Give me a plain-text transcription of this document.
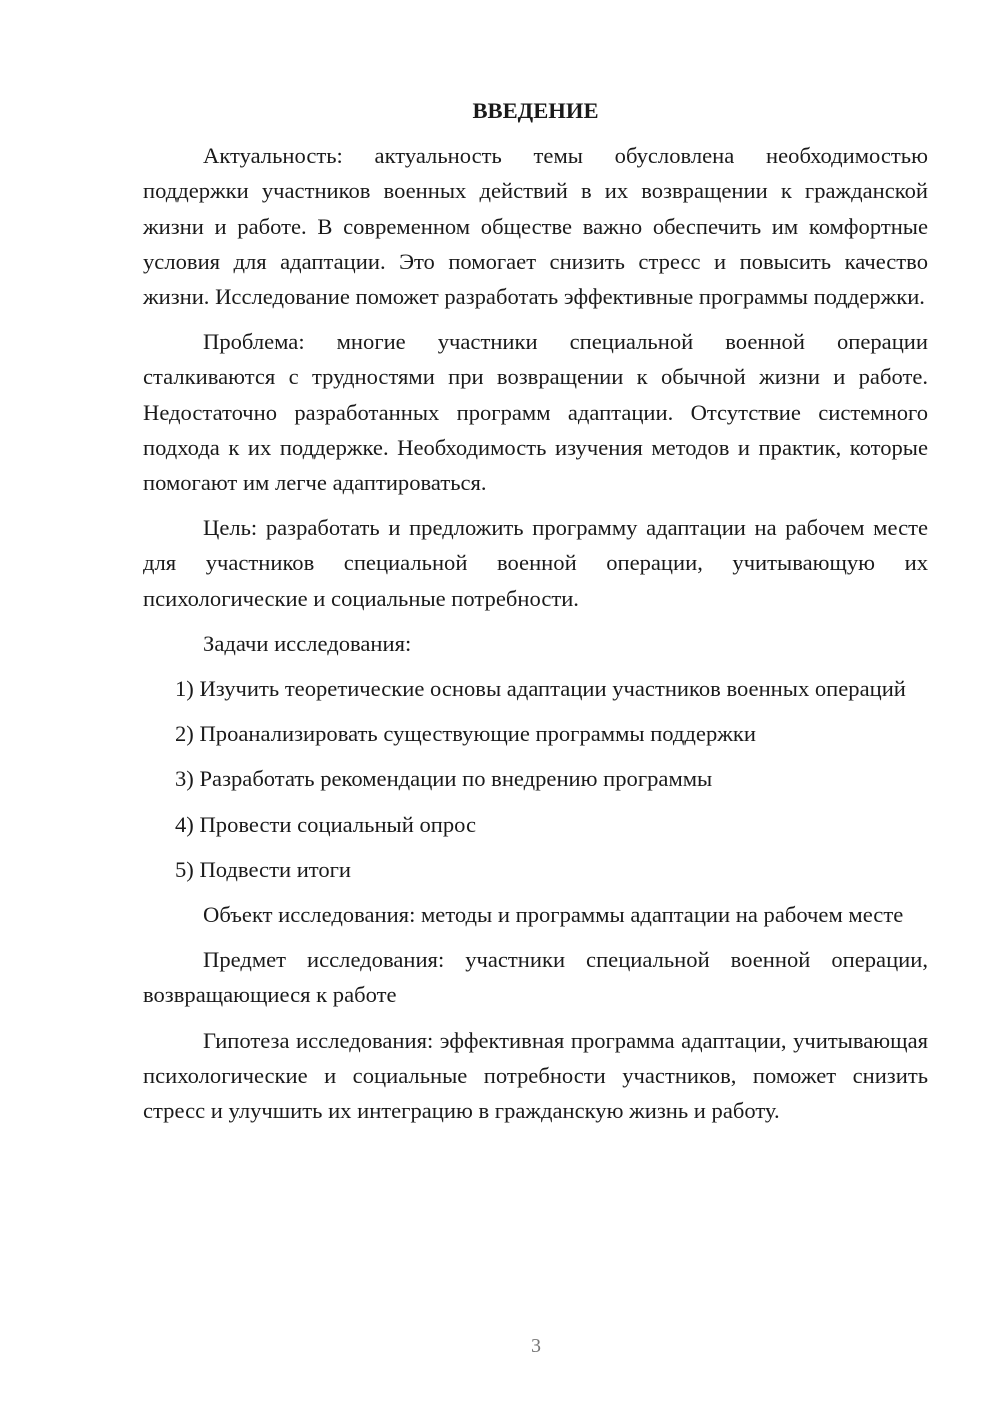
ВВЕДЕНИЕ

Актуальность: актуальность темы обусловлена необходимостью поддержки участников военных действий в их возвращении к гражданской жизни и работе. В современном обществе важно обеспечить им комфортные условия для адаптации. Это помогает снизить стресс и повысить качество жизни. Исследование поможет разработать эффективные программы поддержки.

Проблема: многие участники специальной военной операции сталкиваются с трудностями при возвращении к обычной жизни и работе. Недостаточно разработанных программ адаптации. Отсутствие системного подхода к их поддержке. Необходимость изучения методов и практик, которые помогают им легче адаптироваться.

Цель: разработать и предложить программу адаптации на рабочем месте для участников специальной военной операции, учитывающую их психологические и социальные потребности.

Задачи исследования:

1) Изучить теоретические основы адаптации участников военных операций

2) Проанализировать существующие программы поддержки

3) Разработать рекомендации по внедрению программы

4) Провести социальный опрос

5) Подвести итоги

Объект исследования: методы и программы адаптации на рабочем месте

Предмет исследования: участники специальной военной операции, возвращающиеся к работе

Гипотеза исследования: эффективная программа адаптации, учитывающая психологические и социальные потребности участников, поможет снизить стресс и улучшить их интеграцию в гражданскую жизнь и работу.

3
